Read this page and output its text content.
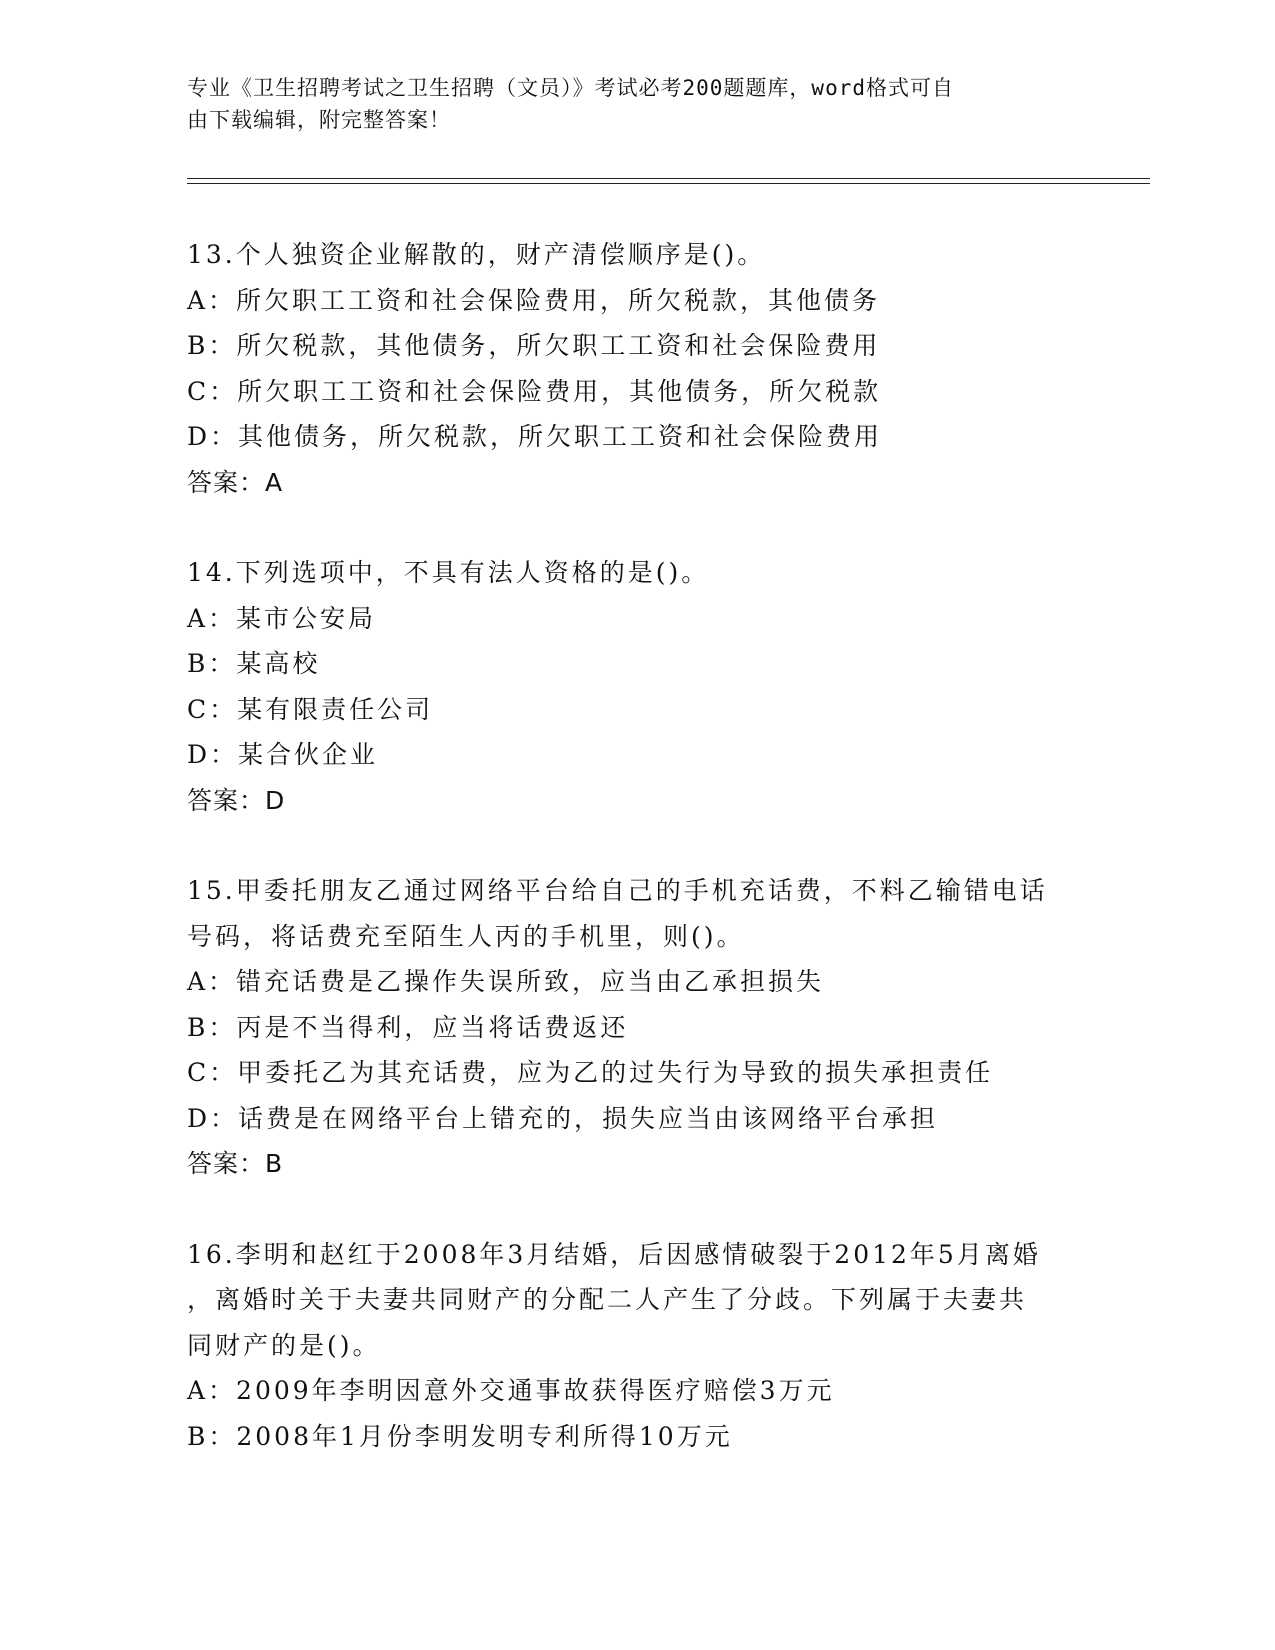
专业《卫生招聘考试之卫生招聘（文员）》考试必考200题题库，word格式可自
由下载编辑，附完整答案！

13.个人独资企业解散的，财产清偿顺序是()。

A：所欠职工工资和社会保险费用，所欠税款，其他债务

B：所欠税款，其他债务，所欠职工工资和社会保险费用

C：所欠职工工资和社会保险费用，其他债务，所欠税款

D：其他债务，所欠税款，所欠职工工资和社会保险费用

答案：A

14.下列选项中，不具有法人资格的是()。

A：某市公安局

B：某高校

C：某有限责任公司

D：某合伙企业

答案：D

15.甲委托朋友乙通过网络平台给自己的手机充话费，不料乙输错电话

号码，将话费充至陌生人丙的手机里，则()。

A：错充话费是乙操作失误所致，应当由乙承担损失

B：丙是不当得利，应当将话费返还

C：甲委托乙为其充话费，应为乙的过失行为导致的损失承担责任

D：话费是在网络平台上错充的，损失应当由该网络平台承担

答案：B

16.李明和赵红于2008年3月结婚，后因感情破裂于2012年5月离婚

，离婚时关于夫妻共同财产的分配二人产生了分歧。下列属于夫妻共

同财产的是()。

A：2009年李明因意外交通事故获得医疗赔偿3万元

B：2008年1月份李明发明专利所得10万元
